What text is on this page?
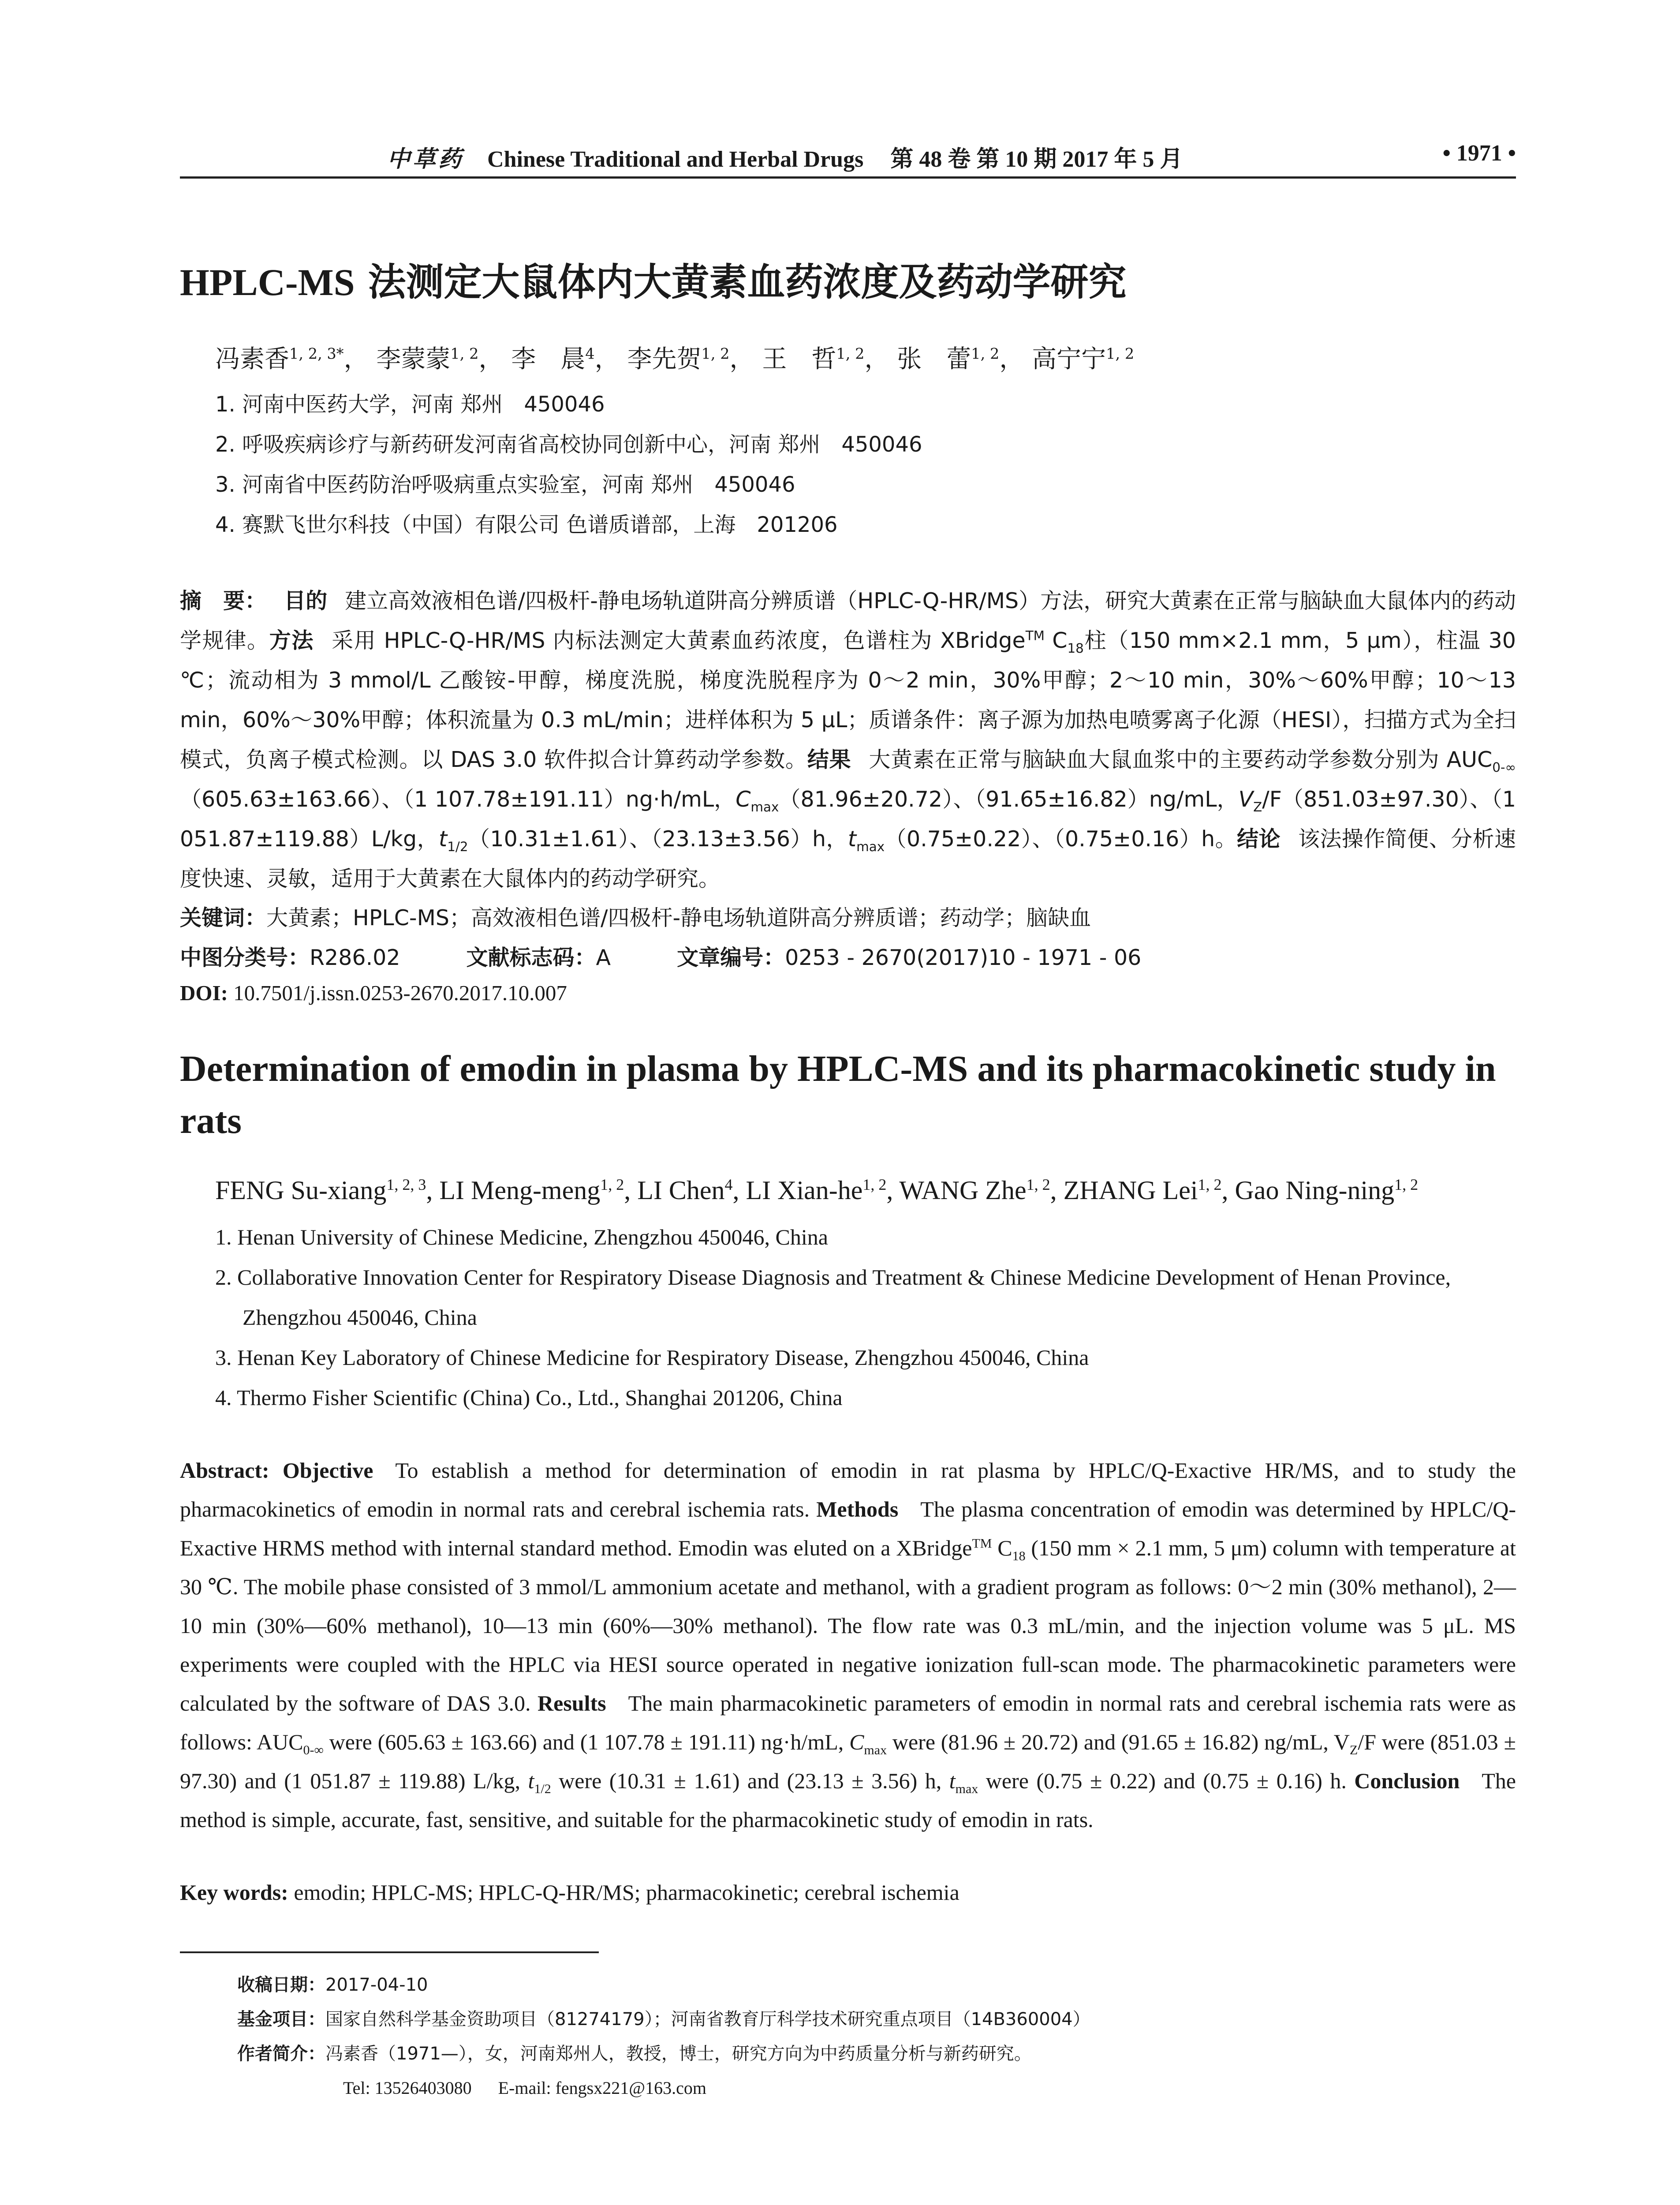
中草药 Chinese Traditional and Herbal Drugs 第 48 卷 第 10 期 2017 年 5 月	• 1971 •
HPLC-MS 法测定大鼠体内大黄素血药浓度及药动学研究
冯素香$^{1, 2, 3*}$， 李蒙蒙$^{1, 2}$， 李　晨$^4$， 李先贺$^{1, 2}$， 王　哲$^{1, 2}$， 张　蕾$^{1, 2}$， 高宁宁$^{1, 2}$
1. 河南中医药大学，河南 郑州　450046
2. 呼吸疾病诊疗与新药研发河南省高校协同创新中心，河南 郑州　450046
3. 河南省中医药防治呼吸病重点实验室，河南 郑州　450046
4. 赛默飞世尔科技（中国）有限公司 色谱质谱部，上海　201206

摘　要： 目的 建立高效液相色谱/四极杆-静电场轨道阱高分辨质谱（HPLC-Q-HR/MS）方法，研究大黄素在正常与脑缺血大鼠体内的药动学规律。方法 采用 HPLC-Q-HR/MS 内标法测定大黄素血药浓度，色谱柱为 XBridge™ $C_{18}$柱（150 mm×2.1 mm，5 μm），柱温 30 ℃；流动相为 3 mmol/L 乙酸铵-甲醇，梯度洗脱，梯度洗脱程序为 0～2 min，30%甲醇；2～10 min，30%～60%甲醇；10～13 min，60%～30%甲醇；体积流量为 0.3 mL/min；进样体积为 5 μL；质谱条件：离子源为加热电喷雾离子化源（HESI），扫描方式为全扫模式，负离子模式检测。以 DAS 3.0 软件拟合计算药动学参数。结果 大黄素在正常与脑缺血大鼠血浆中的主要药动学参数分别为 $AUC_{0-\infty}(605.63\pm 163.66)$、（1 107.78±191.11）ng·h/mL，$C_{max}(81.96\pm 20.72)$、（91.65±16.82）ng/mL，$V_Z/F(851.03\pm 97.30)$、（1 051.87±119.88）L/kg，$t_{1/2}(10.31\pm 1.61)$、（23.13±3.56）h，$t_{max}(0.75\pm 0.22)$、（0.75±0.16）h。结论 该法操作简便、分析速度快速、灵敏，适用于大黄素在大鼠体内的药动学研究。

关键词：大黄素；HPLC-MS；高效液相色谱/四极杆-静电场轨道阱高分辨质谱；药动学；脑缺血
中图分类号：R286.02	文献标志码：A	文章编号：0253 - 2670(2017)10 - 1971 - 06
DOI: 10.7501/j.issn.0253-2670.2017.10.007
Determination of emodin in plasma by HPLC-MS and its pharmacokinetic study in rats
FENG Su-xiang$^{1, 2, 3}$, LI Meng-meng$^{1, 2}$, LI Chen$^4$, LI Xian-he$^{1, 2}$, WANG Zhe$^{1, 2}$, ZHANG Lei$^{1, 2}$, Gao Ning-ning$^{1, 2}$
1. Henan University of Chinese Medicine, Zhengzhou 450046, China
2. Collaborative Innovation Center for Respiratory Disease Diagnosis and Treatment & Chinese Medicine Development of Henan Province, Zhengzhou 450046, China
3. Henan Key Laboratory of Chinese Medicine for Respiratory Disease, Zhengzhou 450046, China
4. Thermo Fisher Scientific (China) Co., Ltd., Shanghai 201206, China

Abstract: Objective To establish a method for determination of emodin in rat plasma by HPLC/Q-Exactive HR/MS, and to study the pharmacokinetics of emodin in normal rats and cerebral ischemia rats. Methods The plasma concentration of emodin was determined by HPLC/Q-Exactive HRMS method with internal standard method. Emodin was eluted on a XBridge™ $C_{18}$ (150 mm × 2.1 mm, 5 μm) column with temperature at 30 ℃. The mobile phase consisted of 3 mmol/L ammonium acetate and methanol, with a gradient program as follows: 0～2 min (30% methanol), 2—10 min (30%—60% methanol), 10—13 min (60%—30% methanol). The flow rate was 0.3 mL/min, and the injection volume was 5 μL. MS experiments were coupled with the HPLC via HESI source operated in negative ionization full-scan mode. The pharmacokinetic parameters were calculated by the software of DAS 3.0. Results The main pharmacokinetic parameters of emodin in normal rats and cerebral ischemia rats were as follows: $AUC_{0-\infty}$ were (605.63 ± 163.66) and (1 107.78 ± 191.11) ng·h/mL, $C_{max}$ were (81.96 ± 20.72) and (91.65 ± 16.82) ng/mL, $V_Z/F$ were (851.03 ± 97.30) and (1 051.87 ± 119.88) L/kg, $t_{1/2}$ were (10.31 ± 1.61) and (23.13 ± 3.56) h, $t_{max}$ were (0.75 ± 0.22) and (0.75 ± 0.16) h. Conclusion The method is simple, accurate, fast, sensitive, and suitable for the pharmacokinetic study of emodin in rats.

Key words: emodin; HPLC-MS; HPLC-Q-HR/MS; pharmacokinetic; cerebral ischemia
收稿日期：2017-04-10
基金项目：国家自然科学基金资助项目（81274179）；河南省教育厅科学技术研究重点项目（14B360004）
作者简介：冯素香（1971—），女，河南郑州人，教授，博士，研究方向为中药质量分析与新药研究。
Tel: 13526403080 E-mail: fengsx221@163.com
